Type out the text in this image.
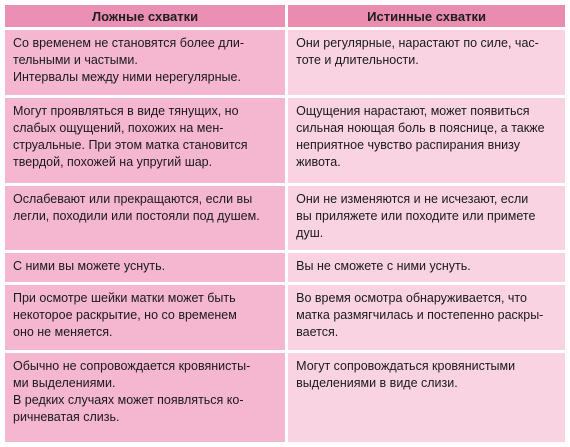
Ложные схватки	Истинные схватки

Со временем не становятся более дли-
тельными и частыми.
Интервалы между ними нерегулярные.	Они регулярные, нарастают по силе, час-
тоте и длительности.

Могут проявляться в виде тянущих, но
слабых ощущений, похожих на мен-
струальные. При этом матка становится
твердой, похожей на упругий шар.	Ощущения нарастают, может появиться
сильная ноющая боль в пояснице, а также
неприятное чувство распирания внизу
живота.

Ослабевают или прекращаются, если вы
легли, походили или постояли под душем.	Они не изменяются и не исчезают, если
вы приляжете или походите или примете
душ.

С ними вы можете уснуть.	Вы не сможете с ними уснуть.

При осмотре шейки матки может быть
некоторое раскрытие, но со временем
оно не меняется.	Во время осмотра обнаруживается, что
матка размягчилась и постепенно раскры-
вается.

Обычно не сопровождается кровянисты-
ми выделениями.
В редких случаях может появляться ко-
ричневатая слизь.	Могут сопровождаться кровянистыми
выделениями в виде слизи.
